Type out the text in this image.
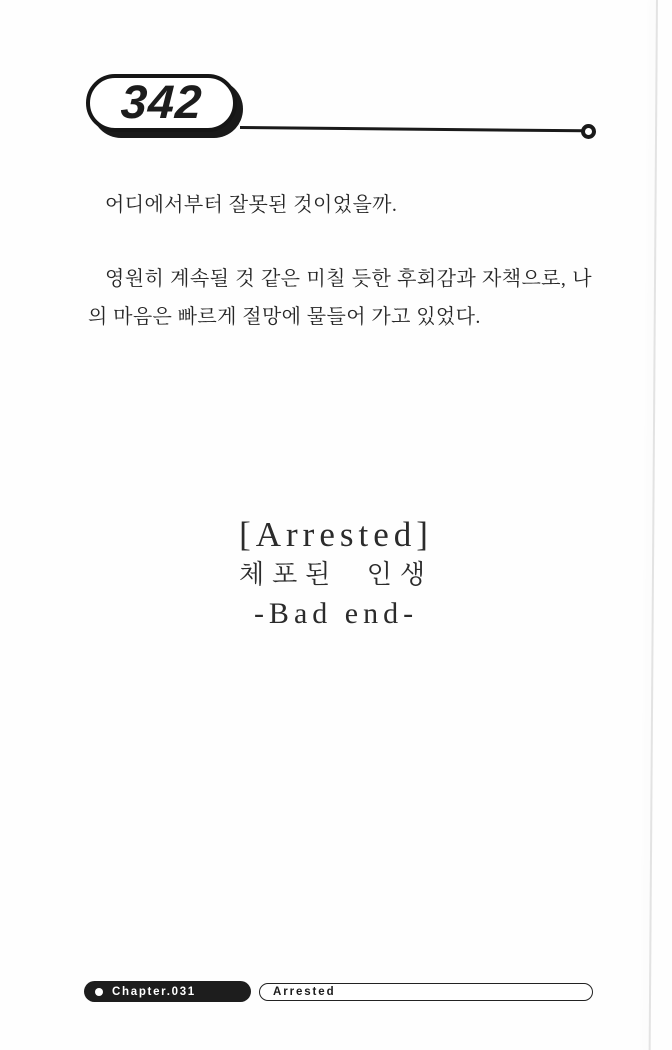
342

어디에서부터 잘못된 것이었을까.

영원히 계속될 것 같은 미칠 듯한 후회감과 자책으로, 나

의 마음은 빠르게 절망에 물들어 가고 있었다.

[Arrested]
체포된 인생
-Bad end-
Chapter.031	Arrested
